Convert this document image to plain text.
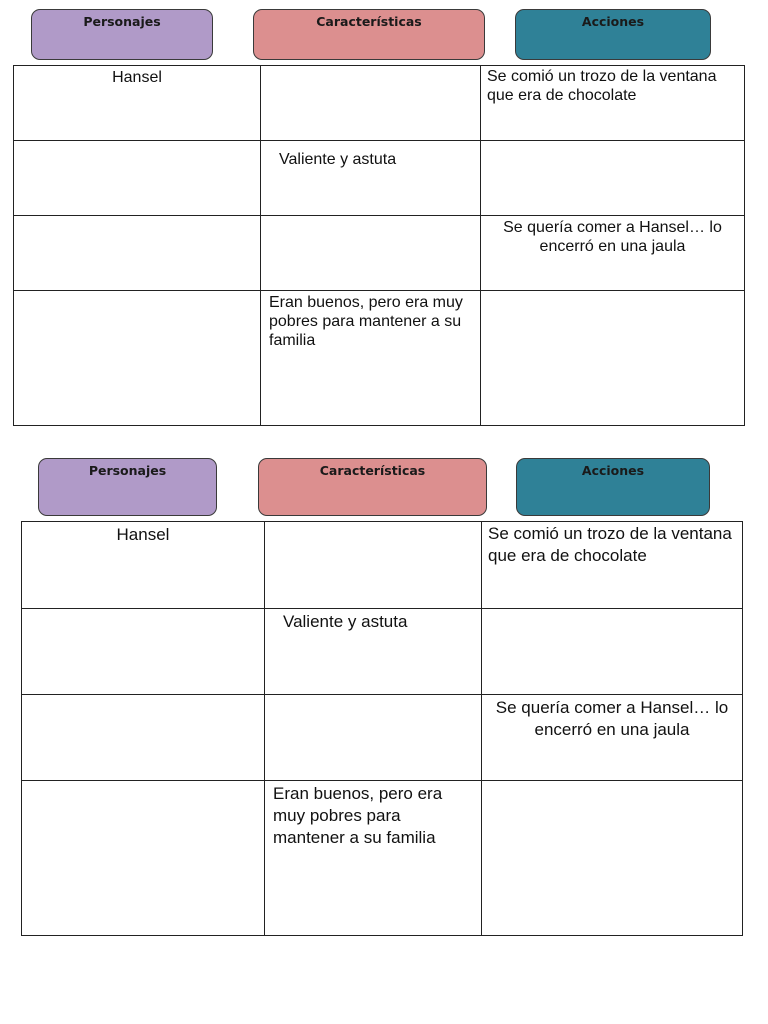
Personajes	Características	Acciones
Hansel		Se comió un trozo de la ventana que era de chocolate
	Valiente y astuta	
		Se quería comer a Hansel… lo encerró en una jaula
	Eran buenos, pero era muy pobres para mantener a su familia	
Personajes	Características	Acciones
Hansel		Se comió un trozo de la ventana que era de chocolate
	Valiente y astuta	
		Se quería comer a Hansel… lo encerró en una jaula
	Eran buenos, pero era muy pobres para mantener a su familia	
